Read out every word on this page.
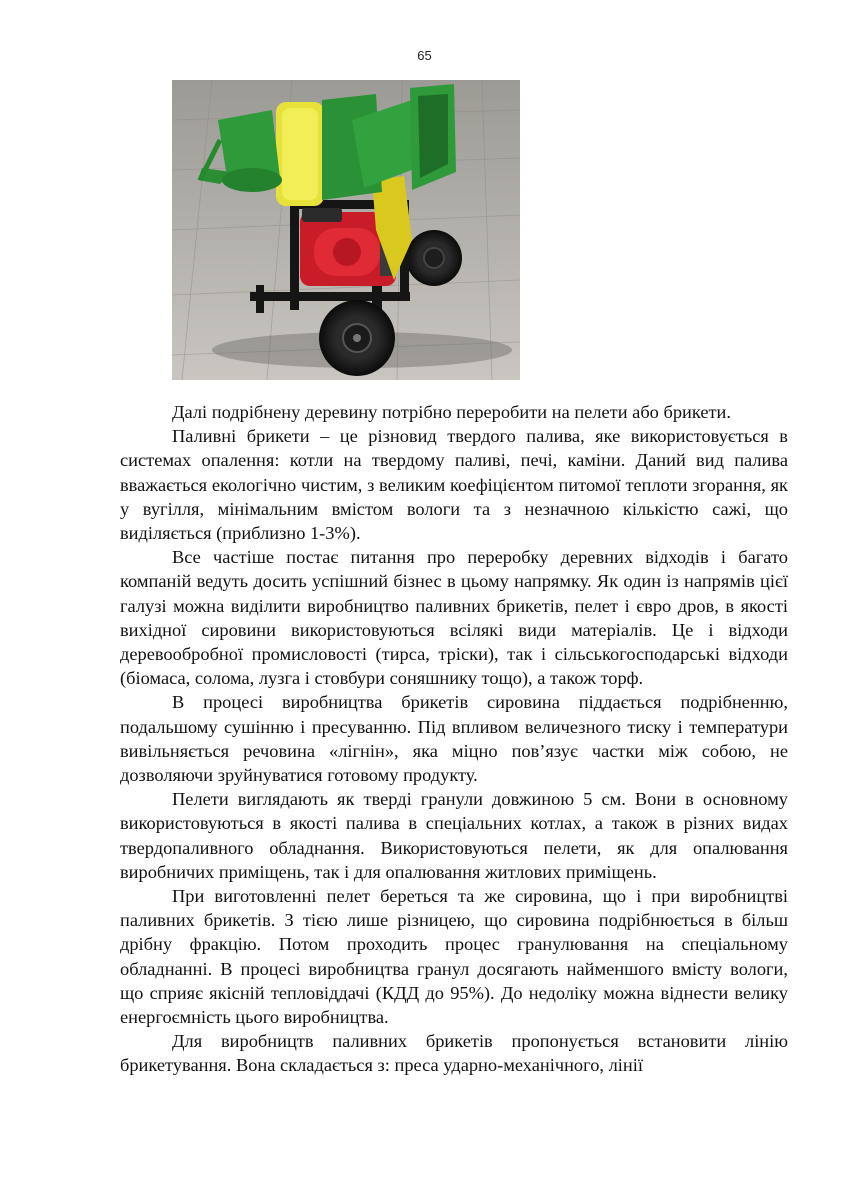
65

Далі подрібнену деревину потрібно переробити на пелети або брикети.

Паливні брикети – це різновид твердого палива, яке використовується в системах опалення: котли на твердому паливі, печі, каміни. Даний вид палива вважається екологічно чистим, з великим коефіцієнтом питомої теплоти згорання, як у вугілля, мінімальним вмістом вологи та з незначною кількістю сажі, що виділяється (приблизно 1-3%).

Все частіше постає питання про переробку деревних відходів і багато компаній ведуть досить успішний бізнес в цьому напрямку. Як один із напрямів цієї галузі можна виділити виробництво паливних брикетів, пелет і євро дров, в якості вихідної сировини використовуються всілякі види матеріалів. Це і відходи деревообробної промисловості (тирса, тріски), так і сільськогосподарські відходи (біомаса, солома, лузга і стовбури соняшнику тощо), а також торф.

В процесі виробництва брикетів сировина піддається подрібненню, подальшому сушінню і пресуванню. Під впливом величезного тиску і температури вивільняється речовина «лігнін», яка міцно пов’язує частки між собою, не дозволяючи зруйнуватися готовому продукту.

Пелети виглядають як тверді гранули довжиною 5 см. Вони в основному використовуються в якості палива в спеціальних котлах, а також в різних видах твердопаливного обладнання. Використовуються пелети, як для опалювання виробничих приміщень, так і для опалювання житлових приміщень.

При виготовленні пелет береться та же сировина, що і при виробництві паливних брикетів. З тією лише різницею, що сировина подрібнюється в більш дрібну фракцію. Потом проходить процес гранулювання на спеціальному обладнанні. В процесі виробництва гранул досягають найменшого вмісту вологи, що сприяє якісній тепловіддачі (КДД до 95%). До недоліку можна віднести велику енергоємність цього виробництва.

Для виробництв паливних брикетів пропонується встановити лінію брикетування. Вона складається з: преса ударно-механічного, лінії
